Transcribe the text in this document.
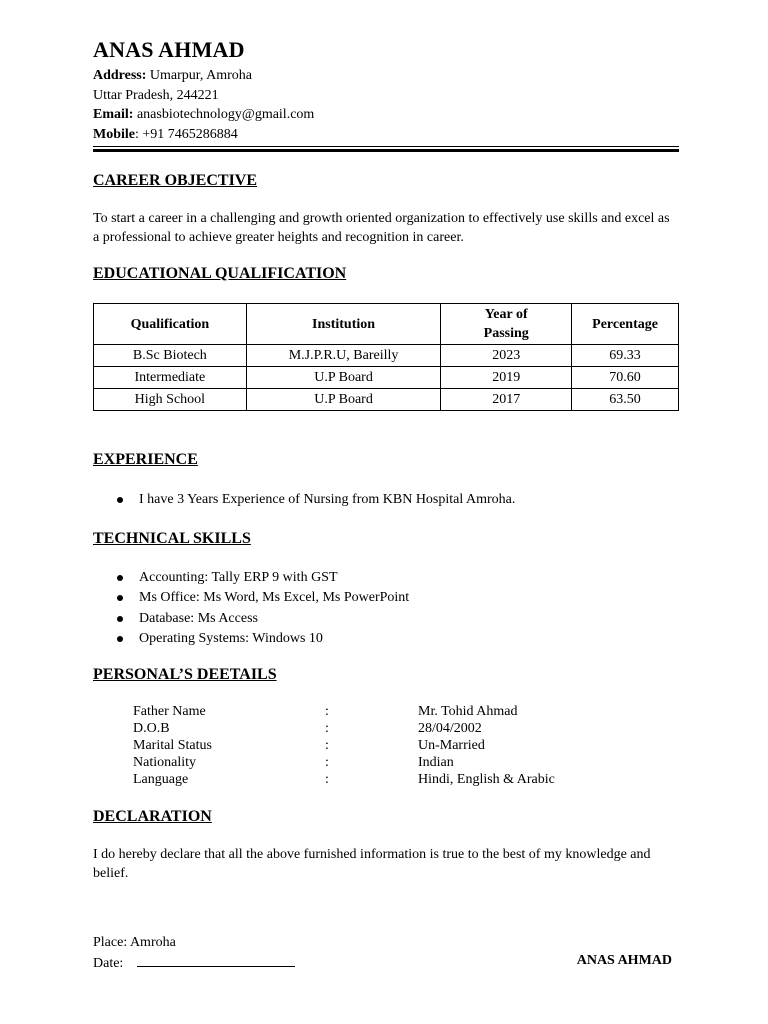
ANAS AHMAD
Address: Umarpur, Amroha
Uttar Pradesh, 244221
Email: anasbiotechnology@gmail.com
Mobile: +91 7465286884
CAREER OBJECTIVE
To start a career in a challenging and growth oriented organization to effectively use skills and excel as a professional to achieve greater heights and recognition in career.
EDUCATIONAL QUALIFICATION
Qualification	Institution	Year of Passing	Percentage
B.Sc Biotech	M.J.P.R.U, Bareilly	2023	69.33
Intermediate	U.P Board	2019	70.60
High School	U.P Board	2017	63.50
EXPERIENCE
I have 3 Years Experience of Nursing from KBN Hospital Amroha.
TECHNICAL SKILLS
Accounting: Tally ERP 9 with GST
Ms Office: Ms Word, Ms Excel, Ms PowerPoint
Database: Ms Access
Operating Systems: Windows 10
PERSONAL’S DEETAILS
Father Name	:	Mr. Tohid Ahmad
D.O.B	:	28/04/2002
Marital Status	:	Un-Married
Nationality	:	Indian
Language	:	Hindi, English & Arabic
DECLARATION
I do hereby declare that all the above furnished information is true to the best of my knowledge and belief.
Place: Amroha
Date:	ANAS AHMAD
